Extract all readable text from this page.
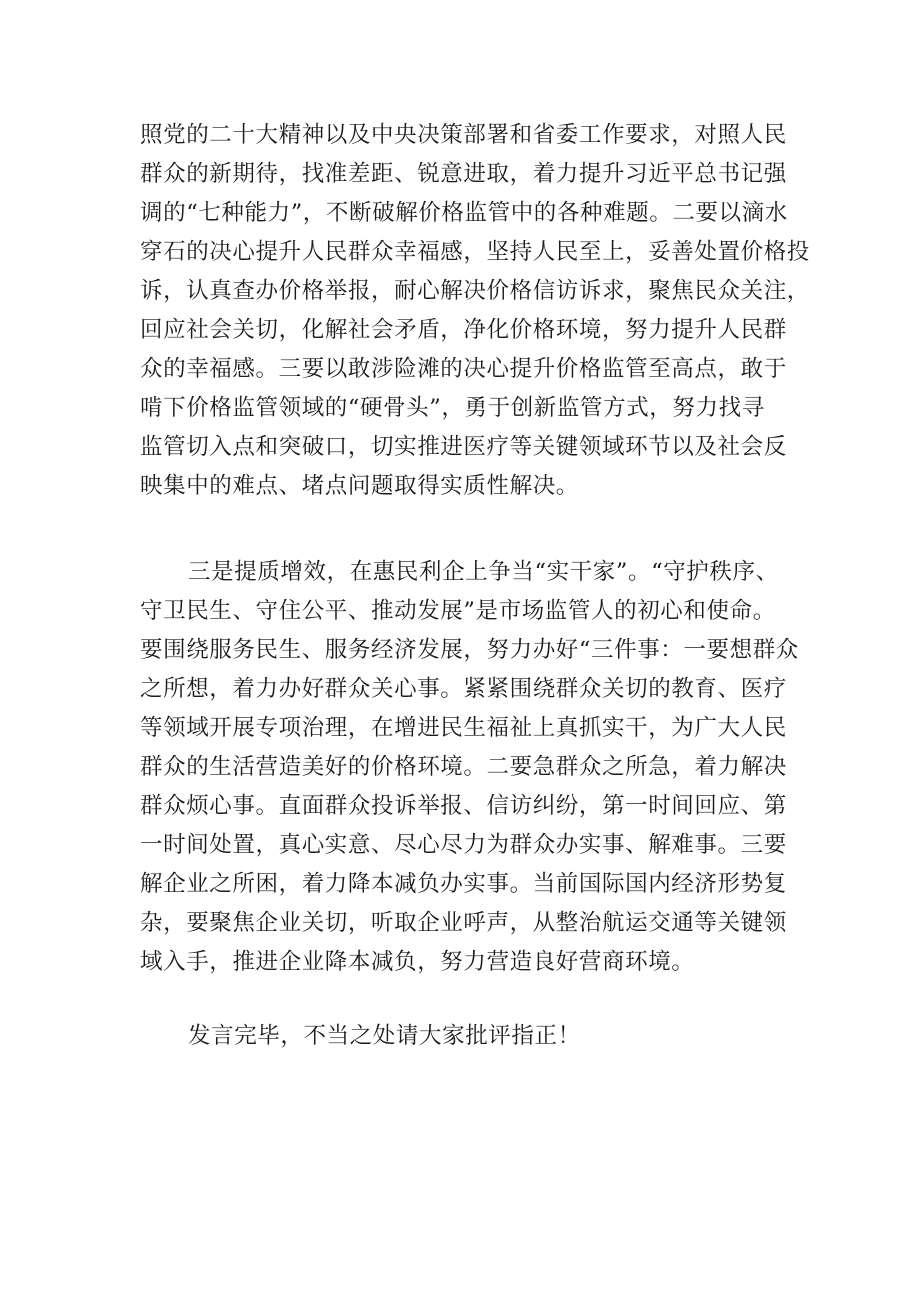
照党的二十大精神以及中央决策部署和省委工作要求，对照人民
群众的新期待，找准差距、锐意进取，着力提升习近平总书记强
调的“七种能力”，不断破解价格监管中的各种难题。二要以滴水
穿石的决心提升人民群众幸福感，坚持人民至上，妥善处置价格投
诉，认真查办价格举报，耐心解决价格信访诉求，聚焦民众关注，
回应社会关切，化解社会矛盾，净化价格环境，努力提升人民群
众的幸福感。三要以敢涉险滩的决心提升价格监管至高点，敢于
啃下价格监管领域的“硬骨头”，勇于创新监管方式，努力找寻
监管切入点和突破口，切实推进医疗等关键领域环节以及社会反
映集中的难点、堵点问题取得实质性解决。
三是提质增效，在惠民利企上争当“实干家”。“守护秩序、
守卫民生、守住公平、推动发展”是市场监管人的初心和使命。
要围绕服务民生、服务经济发展，努力办好“三件事：一要想群众
之所想，着力办好群众关心事。紧紧围绕群众关切的教育、医疗
等领域开展专项治理，在增进民生福祉上真抓实干，为广大人民
群众的生活营造美好的价格环境。二要急群众之所急，着力解决
群众烦心事。直面群众投诉举报、信访纠纷，第一时间回应、第
一时间处置，真心实意、尽心尽力为群众办实事、解难事。三要
解企业之所困，着力降本减负办实事。当前国际国内经济形势复
杂，要聚焦企业关切，听取企业呼声，从整治航运交通等关键领
域入手，推进企业降本减负，努力营造良好营商环境。
发言完毕，不当之处请大家批评指正！
